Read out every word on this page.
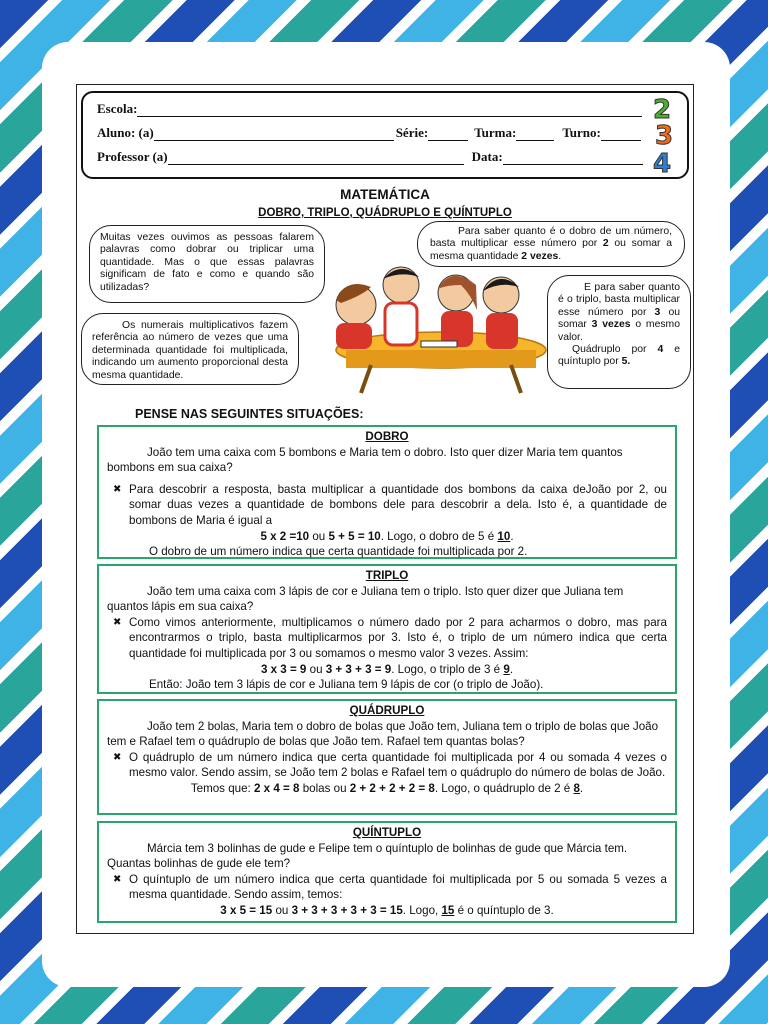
Escola:
Aluno: (a)	Série:	Turma:	Turno:
Professor (a)	Data:
2
3
4
MATEMÁTICA
DOBRO, TRIPLO, QUÁDRUPLO E QUÍNTUPLO
Muitas vezes ouvimos as pessoas falarem palavras como dobrar ou triplicar uma quantidade. Mas o que essas palavras significam de fato e como e quando são utilizadas?
Para saber quanto é o dobro de um número, basta multiplicar esse número por 2 ou somar a mesma quantidade 2 vezes.
Os numerais multiplicativos fazem referência ao número de vezes que uma determinada quantidade foi multiplicada, indicando um aumento proporcional desta mesma quantidade.
E para saber quanto é o triplo, basta multiplicar esse número por 3 ou somar 3 vezes o mesmo valor.
Quádruplo por 4 e quíntuplo por 5.
PENSE NAS SEGUINTES SITUAÇÕES:
DOBRO

João tem uma caixa com 5 bombons e Maria tem o dobro. Isto quer dizer Maria tem quantos bombons em sua caixa?

✖ Para descobrir a resposta, basta multiplicar a quantidade dos bombons da caixa deJoão por 2, ou somar duas vezes a quantidade de bombons dele para descobrir a dela. Isto é, a quantidade de bombons de Maria é igual a

5 x 2 =10 ou 5 + 5 = 10. Logo, o dobro de 5 é 10.

O dobro de um número indica que certa quantidade foi multiplicada por 2.

TRIPLO

João tem uma caixa com 3 lápis de cor e Juliana tem o triplo. Isto quer dizer que Juliana tem quantos lápis em sua caixa?

✖ Como vimos anteriormente, multiplicamos o número dado por 2 para acharmos o dobro, mas para encontrarmos o triplo, basta multiplicarmos por 3. Isto é, o triplo de um número indica que certa quantidade foi multiplicada por 3 ou somamos o mesmo valor 3 vezes. Assim:

3 x 3 = 9 ou 3 + 3 + 3 = 9. Logo, o triplo de 3 é 9.

Então: João tem 3 lápis de cor e Juliana tem 9 lápis de cor (o triplo de João).

QUÁDRUPLO

João tem 2 bolas, Maria tem o dobro de bolas que João tem, Juliana tem o triplo de bolas que João tem e Rafael tem o quádruplo de bolas que João tem. Rafael tem quantas bolas?

✖ O quádruplo de um número indica que certa quantidade foi multiplicada por 4 ou somada 4 vezes o mesmo valor. Sendo assim, se João tem 2 bolas e Rafael tem o quádruplo do número de bolas de João.

Temos que: 2 x 4 = 8 bolas ou 2 + 2 + 2 + 2 = 8. Logo, o quádruplo de 2 é 8.

QUÍNTUPLO

Márcia tem 3 bolinhas de gude e Felipe tem o quíntuplo de bolinhas de gude que Márcia tem. Quantas bolinhas de gude ele tem?

✖ O quíntuplo de um número indica que certa quantidade foi multiplicada por 5 ou somada 5 vezes a mesma quantidade. Sendo assim, temos:

3 x 5 = 15 ou 3 + 3 + 3 + 3 + 3 = 15. Logo, 15 é o quíntuplo de 3.
